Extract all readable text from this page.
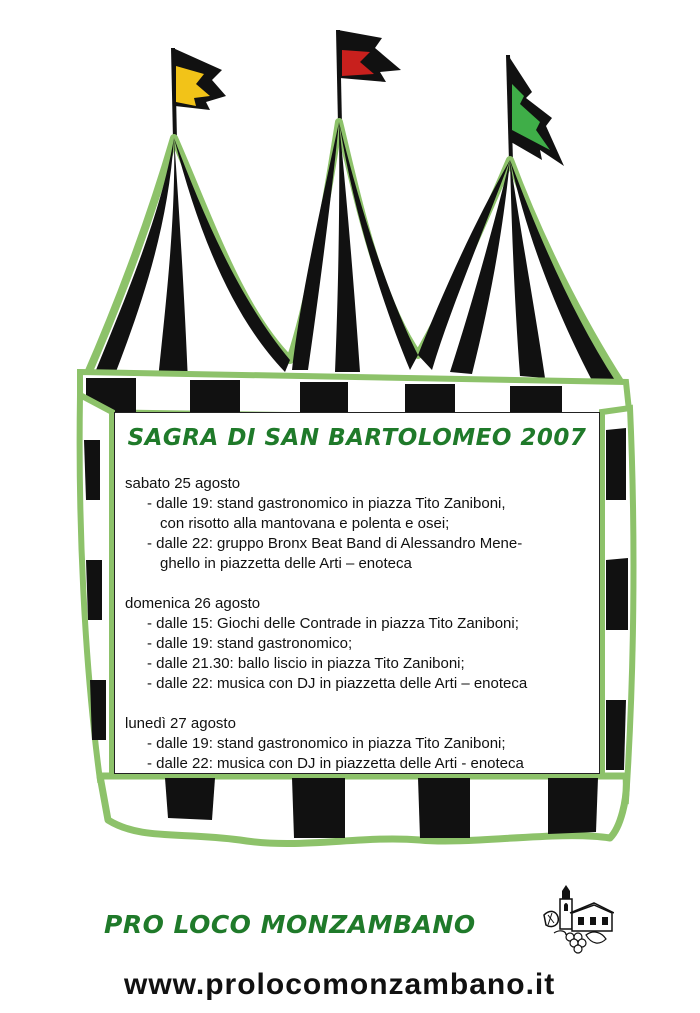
SAGRA DI SAN BARTOLOMEO 2007
sabato 25 agosto
- dalle 19: stand gastronomico in piazza Tito Zaniboni,
con risotto alla mantovana e polenta e osei;
- dalle 22: gruppo Bronx Beat Band di Alessandro Mene-
ghello in piazzetta delle Arti – enoteca
domenica 26 agosto
- dalle 15: Giochi delle Contrade in piazza Tito Zaniboni;
- dalle 19: stand gastronomico;
- dalle 21.30: ballo liscio in piazza Tito Zaniboni;
- dalle 22: musica con DJ in piazzetta delle Arti – enoteca
lunedì 27 agosto
- dalle 19: stand gastronomico in piazza Tito Zaniboni;
- dalle 22: musica con DJ in piazzetta delle Arti - enoteca
PRO LOCO MONZAMBANO
www.prolocomonzambano.it
